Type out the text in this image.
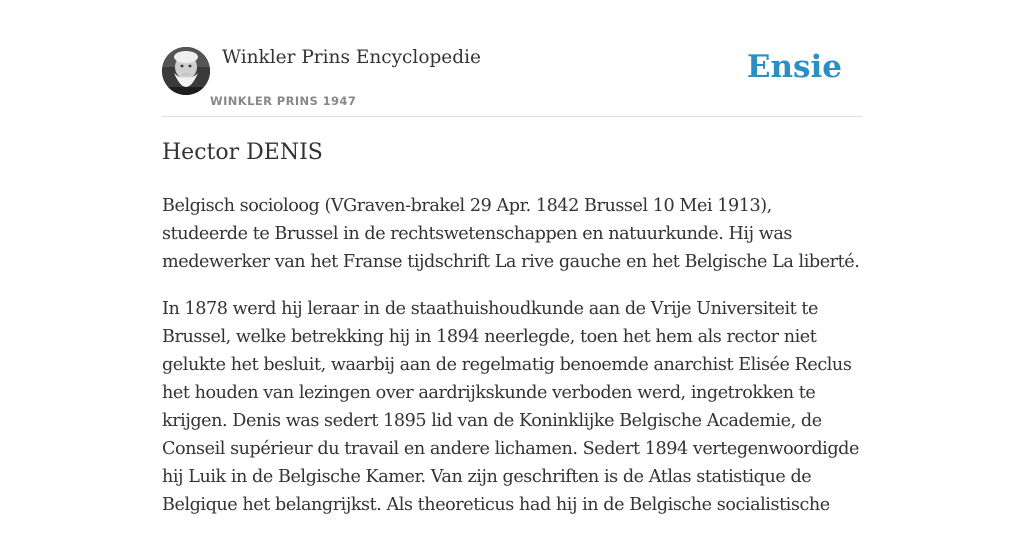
Winkler Prins Encyclopedie
WINKLER PRINS 1947
Ensie
Hector DENIS

Belgisch socioloog (VGraven-brakel 29 Apr. 1842 Brussel 10 Mei 1913), studeerde te Brussel in de rechtswetenschappen en natuurkunde. Hij was medewerker van het Franse tijdschrift La rive gauche en het Belgische La liberté.

In 1878 werd hij leraar in de staathuishoudkunde aan de Vrije Universiteit te Brussel, welke betrekking hij in 1894 neerlegde, toen het hem als rector niet gelukte het besluit, waarbij aan de regelmatig benoemde anarchist Elisée Reclus het houden van lezingen over aardrijkskunde verboden werd, ingetrokken te krijgen. Denis was sedert 1895 lid van de Koninklijke Belgische Academie, de Conseil supérieur du travail en andere lichamen. Sedert 1894 vertegenwoordigde hij Luik in de Belgische Kamer. Van zijn geschriften is de Atlas statistique de Belgique het belangrijkst. Als theoreticus had hij in de Belgische socialistische
